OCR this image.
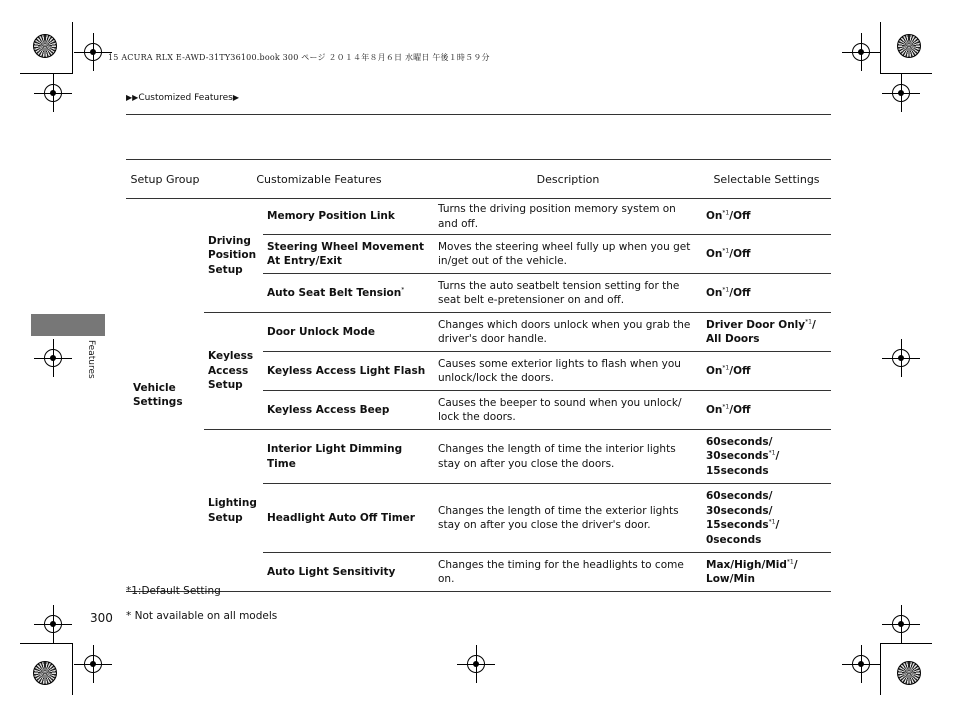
15 ACURA RLX E-AWD-31TY36100.book 300 ページ ２０１４年８月６日 水曜日 午後１時５９分
▶▶Customized Features▶
Features
Setup Group	Customizable Features		Description	Selectable Settings
Vehicle Settings	Driving Position Setup	Memory Position Link	Turns the driving position memory system on and off.	On$^{*1}$/Off
		Steering Wheel Movement At Entry/Exit	Moves the steering wheel fully up when you get in/get out of the vehicle.	On$^{*1}$/Off
		Auto Seat Belt Tension*	Turns the auto seatbelt tension setting for the seat belt e-pretensioner on and off.	On$^{*1}$/Off
	Keyless Access Setup	Door Unlock Mode	Changes which doors unlock when you grab the driver's door handle.	Driver Door Only$^{*1}$/ All Doors
		Keyless Access Light Flash	Causes some exterior lights to flash when you unlock/lock the doors.	On$^{*1}$/Off
		Keyless Access Beep	Causes the beeper to sound when you unlock/ lock the doors.	On$^{*1}$/Off
	Lighting Setup	Interior Light Dimming Time	Changes the length of time the interior lights stay on after you close the doors.	60seconds/ 30seconds$^{*1}$/ 15seconds
		Headlight Auto Off Timer	Changes the length of time the exterior lights stay on after you close the driver's door.	60seconds/ 30seconds/ 15seconds$^{*1}$/ 0seconds
		Auto Light Sensitivity	Changes the timing for the headlights to come on.	Max/High/Mid$^{*1}$/ Low/Min
*1:Default Setting
300 * Not available on all models
